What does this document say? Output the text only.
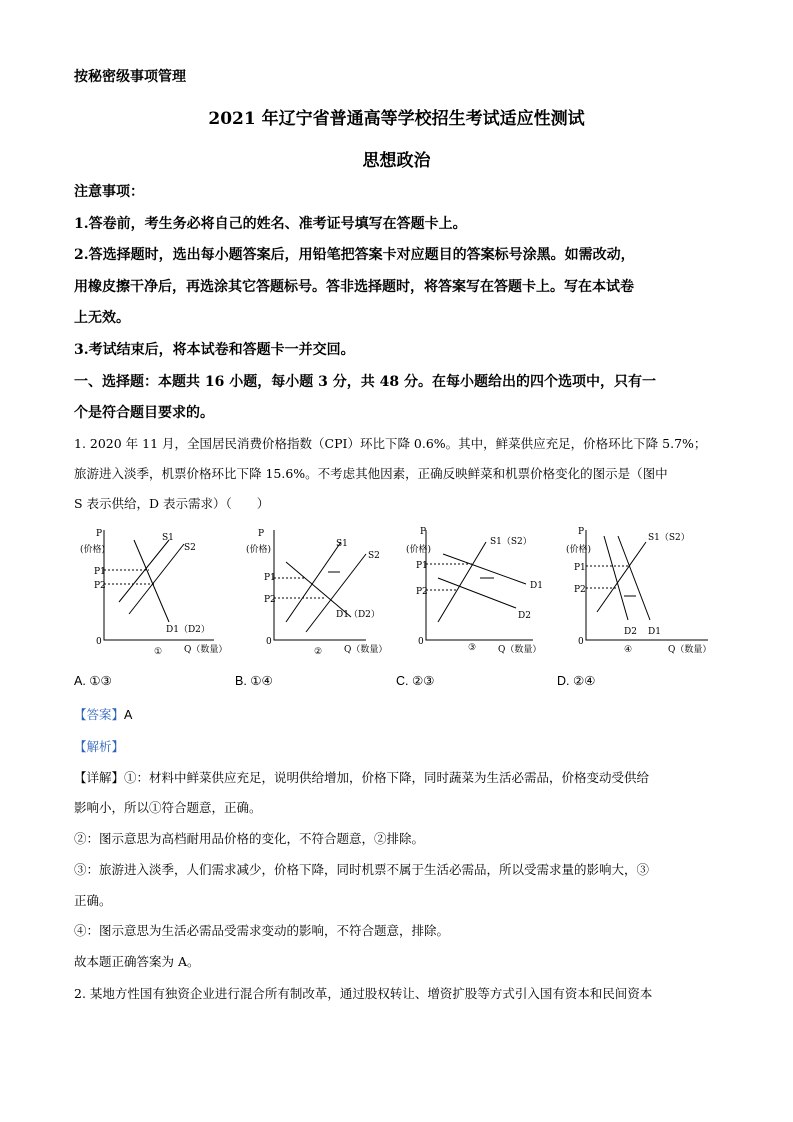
按秘密级事项管理
2021 年辽宁省普通高等学校招生考试适应性测试
思想政治
注意事项：
1.答卷前，考生务必将自己的姓名、准考证号填写在答题卡上。
2.答选择题时，选出每小题答案后，用铅笔把答案卡对应题目的答案标号涂黑。如需改动，
用橡皮擦干净后，再选涂其它答题标号。答非选择题时，将答案写在答题卡上。写在本试卷
上无效。
3.考试结束后，将本试卷和答题卡一并交回。
一、选择题：本题共 16 小题，每小题 3 分，共 48 分。在每小题给出的四个选项中，只有一
个是符合题目要求的。
1. 2020 年 11 月，全国居民消费价格指数（CPI）环比下降 0.6%。其中，鲜菜供应充足，价格环比下降 5.7%；
旅游进入淡季，机票价格环比下降 15.6%。不考虑其他因素，正确反映鲜菜和机票价格变化的图示是（图中
S 表示供给，D 表示需求）（　　）
P
(价格)
P1
P2
0
Q（数量）
①
S1
S2
D1（D2）
P
(价格)
P1
P2
0
Q（数量）
②
S1
S2
D1（D2）
P
(价格)
P1
P2
0
Q（数量）
③
S1（S2）
D1
D2
P
(价格)
P1
P2
0
Q（数量）
④
S1（S2）
D2 D1
A. ①③	B. ①④	C. ②③	D. ②④
【答案】A
【解析】
【详解】①：材料中鲜菜供应充足，说明供给增加，价格下降，同时蔬菜为生活必需品，价格变动受供给
影响小，所以①符合题意，正确。
②：图示意思为高档耐用品价格的变化，不符合题意，②排除。
③：旅游进入淡季，人们需求减少，价格下降，同时机票不属于生活必需品，所以受需求量的影响大，③
正确。
④：图示意思为生活必需品受需求变动的影响，不符合题意，排除。
故本题正确答案为 A。
2. 某地方性国有独资企业进行混合所有制改革，通过股权转让、增资扩股等方式引入国有资本和民间资本
